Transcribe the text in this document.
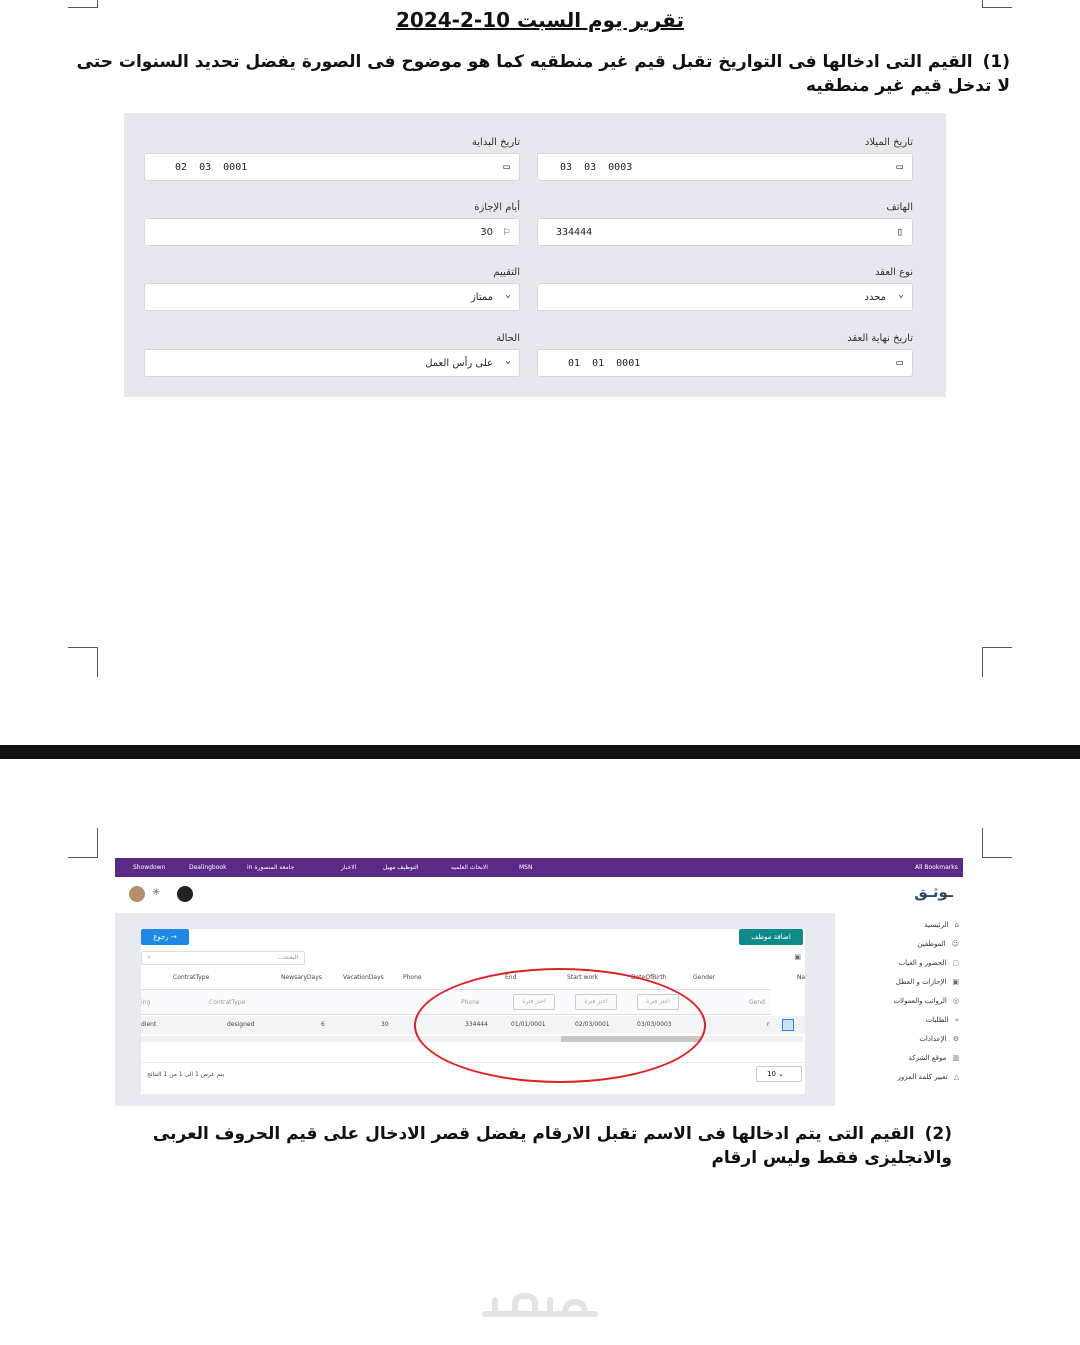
تقرير يوم السبت 10-2-2024
(1)القيم التى ادخالها فى التواريخ تقبل قيم غير منطقيه كما هو موضوح فى الصورة يفضل تحديد السنوات حتى لا تدخل قيم غير منطقيه
تاريخ الميلاد
03  03  0003	▭
تاريخ البداية
02  03  0001	▭
الهاتف
334444	▯
أيام الإجازة
30 ⚐
نوع العقد
محدد ⌄
التقييم
ممتاز ⌄
تاريخ نهاية العقد
01  01  0001	▭
الحالة
على رأس العمل ⌄
Showdown	Dealingbook	in جامعة المنصورة	الاخبار	التوظيف مهيل	الابحاث العلميه	MSN	All Bookmarks
✳	ـوثـق
⌂الرئيسية
☺الموظفين
▢الحضور و الغياب
▣الإجازات و العطل
◎الرواتب والعمولات
»الطلبات
⚙الإعدادات
▥موقع الشركة
△تغيير كلمة المرور
رجوع →	اضافة موظف
البحث...
⌕	▣
ContratType	NewsaryDays	VacationDays	Phone	End	Start work	DateOfBirth	Gender	Na
ing	ContratType	Phone	اختر فترة	اختر فترة	اختر فترة	Gend
dient	designed	6	30	334444	01/01/0001	02/03/0001	03/03/0003	r
يتم عرض 1 الى 1 من 1 النتائج	10 ⌄
(2)القيم التى يتم ادخالها فى الاسم تقبل الارقام يفضل قصر الادخال على قيم الحروف العربى والانجليزى فقط وليس ارقام
